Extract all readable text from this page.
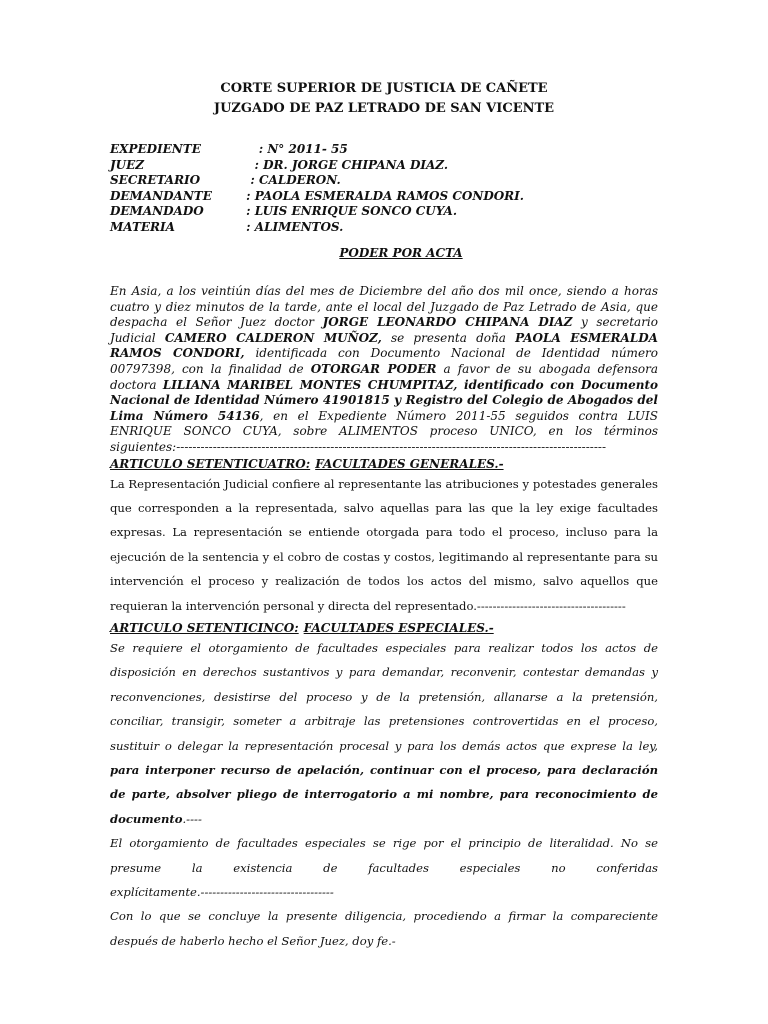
CORTE SUPERIOR DE JUSTICIA DE CAÑETE
JUZGADO DE PAZ LETRADO DE SAN VICENTE
EXPEDIENTE	: N° 2011- 55
JUEZ	: DR. JORGE CHIPANA DIAZ.
SECRETARIO	: CALDERON.
DEMANDANTE	: PAOLA ESMERALDA RAMOS CONDORI.
DEMANDADO	: LUIS ENRIQUE SONCO CUYA.
MATERIA	: ALIMENTOS.
PODER POR ACTA
En Asia, a los veintiún días del mes de Diciembre del año dos mil once, siendo a horas cuatro y diez minutos de la tarde, ante el local del Juzgado de Paz Letrado de Asia, que despacha el Señor Juez doctor JORGE LEONARDO CHIPANA DIAZ y secretario Judicial CAMERO CALDERON MUÑOZ, se presenta doña PAOLA ESMERALDA RAMOS CONDORI, identificada con Documento Nacional de Identidad número 00797398, con la finalidad de OTORGAR PODER a favor de su abogada defensora doctora LILIANA MARIBEL MONTES CHUMPITAZ, identificado con Documento Nacional de Identidad Número 41901815 y Registro del Colegio de Abogados del Lima Número 54136, en el Expediente Número 2011-55 seguidos contra LUIS ENRIQUE SONCO CUYA, sobre ALIMENTOS proceso UNICO, en los términos siguientes:----------------------------------------------------------------------------------------------------------
ARTICULO SETENTICUATRO: FACULTADES GENERALES.-
La Representación Judicial confiere al representante las atribuciones y potestades generales que corresponden a la representada, salvo aquellas para las que la ley exige facultades expresas. La representación se entiende otorgada para todo el proceso, incluso para la ejecución de la sentencia y el cobro de costas y costos, legitimando al representante para su intervención el proceso y realización de todos los actos del mismo, salvo aquellos que requieran la intervención personal y directa del representado.--------------------------------------
ARTICULO SETENTICINCO: FACULTADES ESPECIALES.-
Se requiere el otorgamiento de facultades especiales para realizar todos los actos de disposición en derechos sustantivos y para demandar, reconvenir, contestar demandas y reconvenciones, desistirse del proceso y de la pretensión, allanarse a la pretensión, conciliar, transigir, someter a arbitraje las pretensiones controvertidas en el proceso, sustituir o delegar la representación procesal y para los demás actos que exprese la ley, para interponer recurso de apelación, continuar con el proceso, para declaración de parte, absolver pliego de interrogatorio a mi nombre, para reconocimiento de documento.----
El otorgamiento de facultades especiales se rige por el principio de literalidad. No se presume la existencia de facultades especiales no conferidas explícitamente.----------------------------------
Con lo que se concluye la presente diligencia, procediendo a firmar la compareciente después de haberlo hecho el Señor Juez, doy fe.-
